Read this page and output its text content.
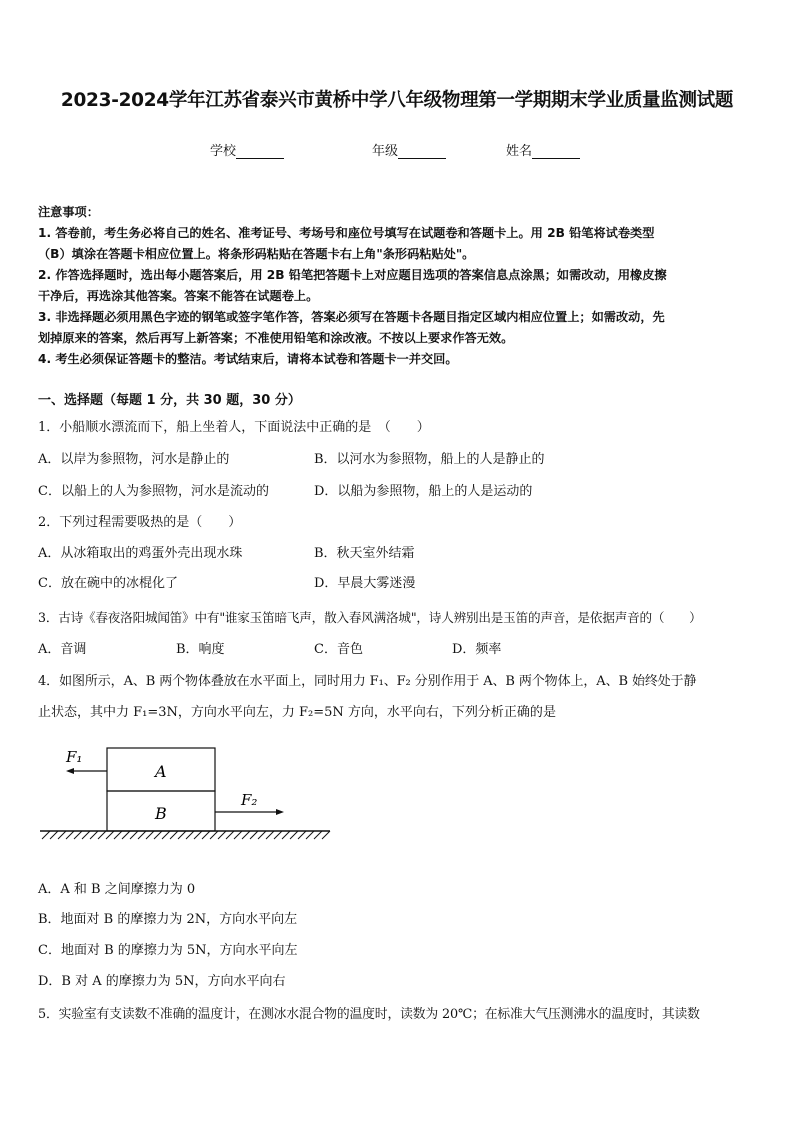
2023-2024学年江苏省泰兴市黄桥中学八年级物理第一学期期末学业质量监测试题
学校	年级	姓名
注意事项：
1. 答卷前，考生务必将自己的姓名、准考证号、考场号和座位号填写在试题卷和答题卡上。用 2B 铅笔将试卷类型
（B）填涂在答题卡相应位置上。将条形码粘贴在答题卡右上角"条形码粘贴处"。
2. 作答选择题时，选出每小题答案后，用 2B 铅笔把答题卡上对应题目选项的答案信息点涂黑；如需改动，用橡皮擦
干净后，再选涂其他答案。答案不能答在试题卷上。
3. 非选择题必须用黑色字迹的钢笔或签字笔作答，答案必须写在答题卡各题目指定区域内相应位置上；如需改动，先
划掉原来的答案，然后再写上新答案；不准使用铅笔和涂改液。不按以上要求作答无效。
4. 考生必须保证答题卡的整洁。考试结束后，请将本试卷和答题卡一并交回。
一、选择题（每题 1 分，共 30 题，30 分）
1．小船顺水漂流而下，船上坐着人，下面说法中正确的是　（　　）
A．以岸为参照物，河水是静止的	B．以河水为参照物，船上的人是静止的
C．以船上的人为参照物，河水是流动的	D．以船为参照物，船上的人是运动的
2．下列过程需要吸热的是（　　）
A．从冰箱取出的鸡蛋外壳出现水珠	B．秋天室外结霜
C．放在碗中的冰棍化了	D．早晨大雾迷漫
3．古诗《春夜洛阳城闻笛》中有"谁家玉笛暗飞声，散入春风满洛城"，诗人辨别出是玉笛的声音，是依据声音的（　　）
A．音调	B．响度	C．音色	D．频率
4．如图所示，A、B 两个物体叠放在水平面上，同时用力 F₁、F₂ 分别作用于 A、B 两个物体上，A、B 始终处于静
止状态，其中力 F₁=3N，方向水平向左，力 F₂=5N 方向，水平向右，下列分析正确的是
A
B
F₁
F₂
A．A 和 B 之间摩擦力为 0
B．地面对 B 的摩擦力为 2N，方向水平向左
C．地面对 B 的摩擦力为 5N，方向水平向左
D．B 对 A 的摩擦力为 5N，方向水平向右
5．实验室有支读数不准确的温度计，在测冰水混合物的温度时，读数为 20℃；在标准大气压测沸水的温度时，其读数
